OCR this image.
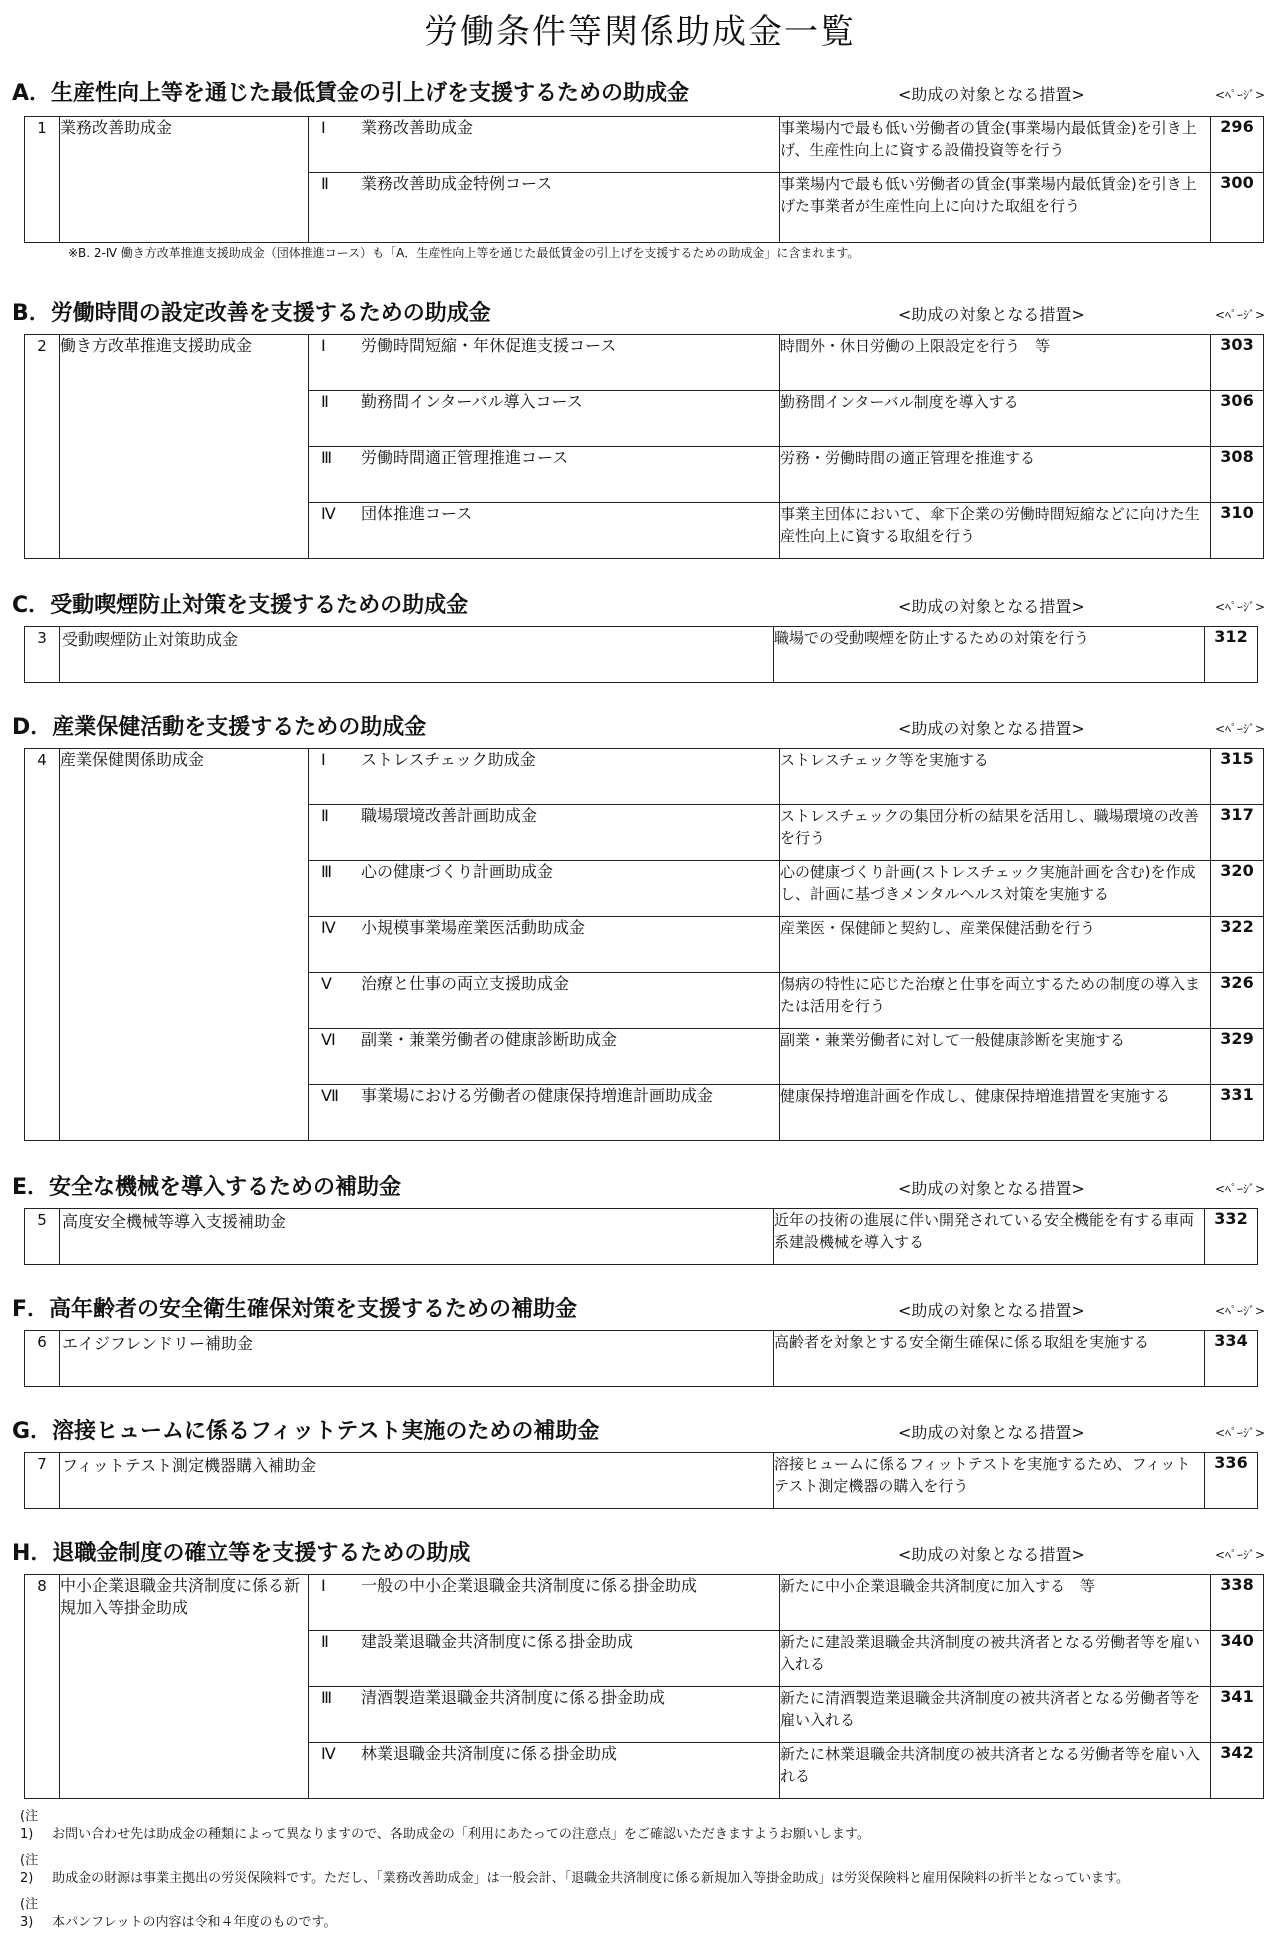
労働条件等関係助成金一覧
A．生産性向上等を通じた最低賃金の引上げを支援するための助成金	<助成の対象となる措置>	<ﾍﾟｰｼﾞ>
1	業務改善助成金	Ⅰ 業務改善助成金	事業場内で最も低い労働者の賃金(事業場内最低賃金)を引き上げ、生産性向上に資する設備投資等を行う	296
		Ⅱ 業務改善助成金特例コース	事業場内で最も低い労働者の賃金(事業場内最低賃金)を引き上げた事業者が生産性向上に向けた取組を行う	300
※B. 2-Ⅳ 働き方改革推進支援助成金（団体推進コース）も「A．生産性向上等を通じた最低賃金の引上げを支援するための助成金」に含まれます。
B．労働時間の設定改善を支援するための助成金	<助成の対象となる措置>	<ﾍﾟｰｼﾞ>
2	働き方改革推進支援助成金	Ⅰ 労働時間短縮・年休促進支援コース	時間外・休日労働の上限設定を行う　等	303
		Ⅱ 勤務間インターバル導入コース	勤務間インターバル制度を導入する	306
		Ⅲ 労働時間適正管理推進コース	労務・労働時間の適正管理を推進する	308
		Ⅳ 団体推進コース	事業主団体において、傘下企業の労働時間短縮などに向けた生産性向上に資する取組を行う	310
C．受動喫煙防止対策を支援するための助成金	<助成の対象となる措置>	<ﾍﾟｰｼﾞ>
3	受動喫煙防止対策助成金	職場での受動喫煙を防止するための対策を行う	312
D．産業保健活動を支援するための助成金	<助成の対象となる措置>	<ﾍﾟｰｼﾞ>
4	産業保健関係助成金	Ⅰ ストレスチェック助成金	ストレスチェック等を実施する	315
		Ⅱ 職場環境改善計画助成金	ストレスチェックの集団分析の結果を活用し、職場環境の改善を行う	317
		Ⅲ 心の健康づくり計画助成金	心の健康づくり計画(ストレスチェック実施計画を含む)を作成し、計画に基づきメンタルヘルス対策を実施する	320
		Ⅳ 小規模事業場産業医活動助成金	産業医・保健師と契約し、産業保健活動を行う	322
		Ⅴ 治療と仕事の両立支援助成金	傷病の特性に応じた治療と仕事を両立するための制度の導入または活用を行う	326
		Ⅵ 副業・兼業労働者の健康診断助成金	副業・兼業労働者に対して一般健康診断を実施する	329
		Ⅶ 事業場における労働者の健康保持増進計画助成金	健康保持増進計画を作成し、健康保持増進措置を実施する	331
E．安全な機械を導入するための補助金	<助成の対象となる措置>	<ﾍﾟｰｼﾞ>
5	高度安全機械等導入支援補助金	近年の技術の進展に伴い開発されている安全機能を有する車両系建設機械を導入する	332
F．高年齢者の安全衛生確保対策を支援するための補助金	<助成の対象となる措置>	<ﾍﾟｰｼﾞ>
6	エイジフレンドリー補助金	高齢者を対象とする安全衛生確保に係る取組を実施する	334
G．溶接ヒュームに係るフィットテスト実施のための補助金	<助成の対象となる措置>	<ﾍﾟｰｼﾞ>
7	フィットテスト測定機器購入補助金	溶接ヒュームに係るフィットテストを実施するため、フィットテスト測定機器の購入を行う	336
H．退職金制度の確立等を支援するための助成	<助成の対象となる措置>	<ﾍﾟｰｼﾞ>
8	中小企業退職金共済制度に係る新規加入等掛金助成	Ⅰ 一般の中小企業退職金共済制度に係る掛金助成	新たに中小企業退職金共済制度に加入する　等	338
		Ⅱ 建設業退職金共済制度に係る掛金助成	新たに建設業退職金共済制度の被共済者となる労働者等を雇い入れる	340
		Ⅲ 清酒製造業退職金共済制度に係る掛金助成	新たに清酒製造業退職金共済制度の被共済者となる労働者等を雇い入れる	341
		Ⅳ 林業退職金共済制度に係る掛金助成	新たに林業退職金共済制度の被共済者となる労働者等を雇い入れる	342
(注1) お問い合わせ先は助成金の種類によって異なりますので、各助成金の「利用にあたっての注意点」をご確認いただきますようお願いします。
(注2) 助成金の財源は事業主拠出の労災保険料です。ただし、「業務改善助成金」は一般会計、「退職金共済制度に係る新規加入等掛金助成」は労災保険料と雇用保険料の折半となっています。
(注3) 本パンフレットの内容は令和４年度のものです。
